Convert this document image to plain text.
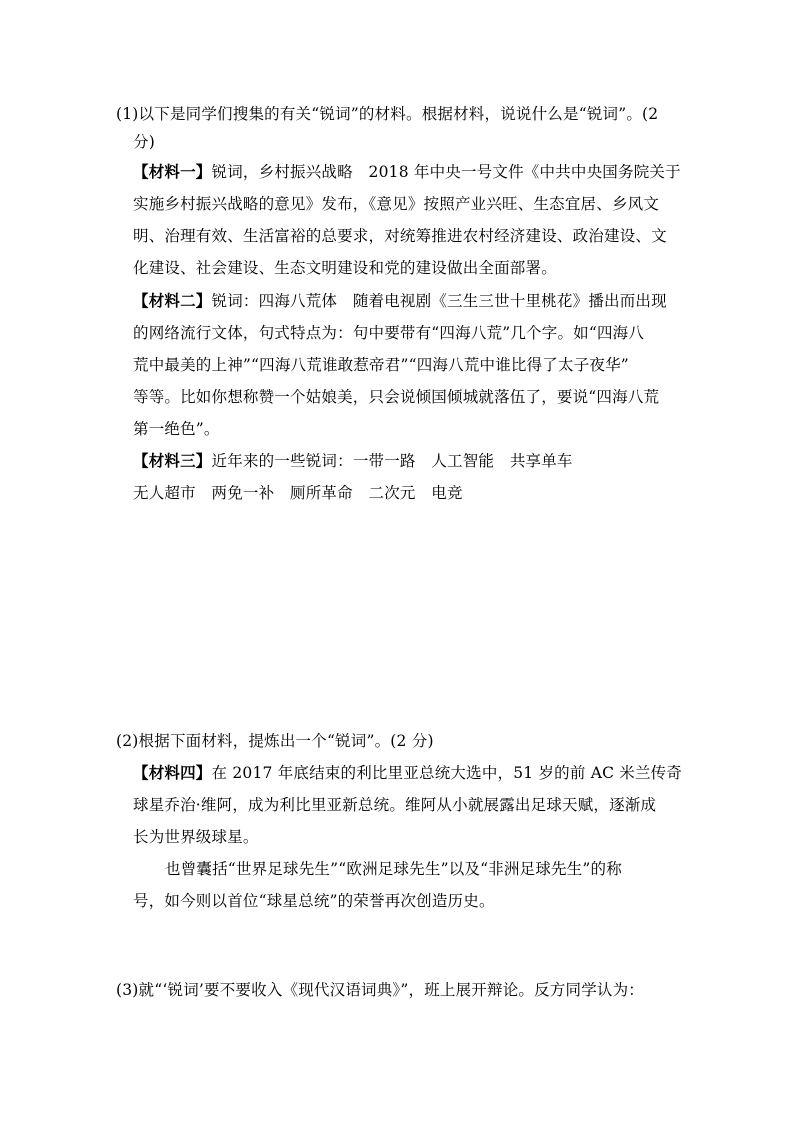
(1)以下是同学们搜集的有关“锐词”的材料。根据材料，说说什么是“锐词”。(2
分)
【材料一】锐词，乡村振兴战略　2018 年中央一号文件《中共中央国务院关于
实施乡村振兴战略的意见》发布，《意见》按照产业兴旺、生态宜居、乡风文
明、治理有效、生活富裕的总要求，对统筹推进农村经济建设、政治建设、文
化建设、社会建设、生态文明建设和党的建设做出全面部署。
【材料二】锐词：四海八荒体　随着电视剧《三生三世十里桃花》播出而出现
的网络流行文体，句式特点为：句中要带有“四海八荒”几个字。如“四海八
荒中最美的上神”“四海八荒谁敢惹帝君”“四海八荒中谁比得了太子夜华”
等等。比如你想称赞一个姑娘美，只会说倾国倾城就落伍了，要说“四海八荒
第一绝色”。
【材料三】近年来的一些锐词：一带一路　人工智能　共享单车
无人超市　两免一补　厕所革命　二次元　电竞
(2)根据下面材料，提炼出一个“锐词”。(2 分)
【材料四】在 2017 年底结束的利比里亚总统大选中，51 岁的前 AC 米兰传奇
球星乔治·维阿，成为利比里亚新总统。维阿从小就展露出足球天赋，逐渐成
长为世界级球星。
也曾囊括“世界足球先生”“欧洲足球先生”以及“非洲足球先生”的称
号，如今则以首位“球星总统”的荣誉再次创造历史。
(3)就“‘锐词’要不要收入《现代汉语词典》”，班上展开辩论。反方同学认为：
